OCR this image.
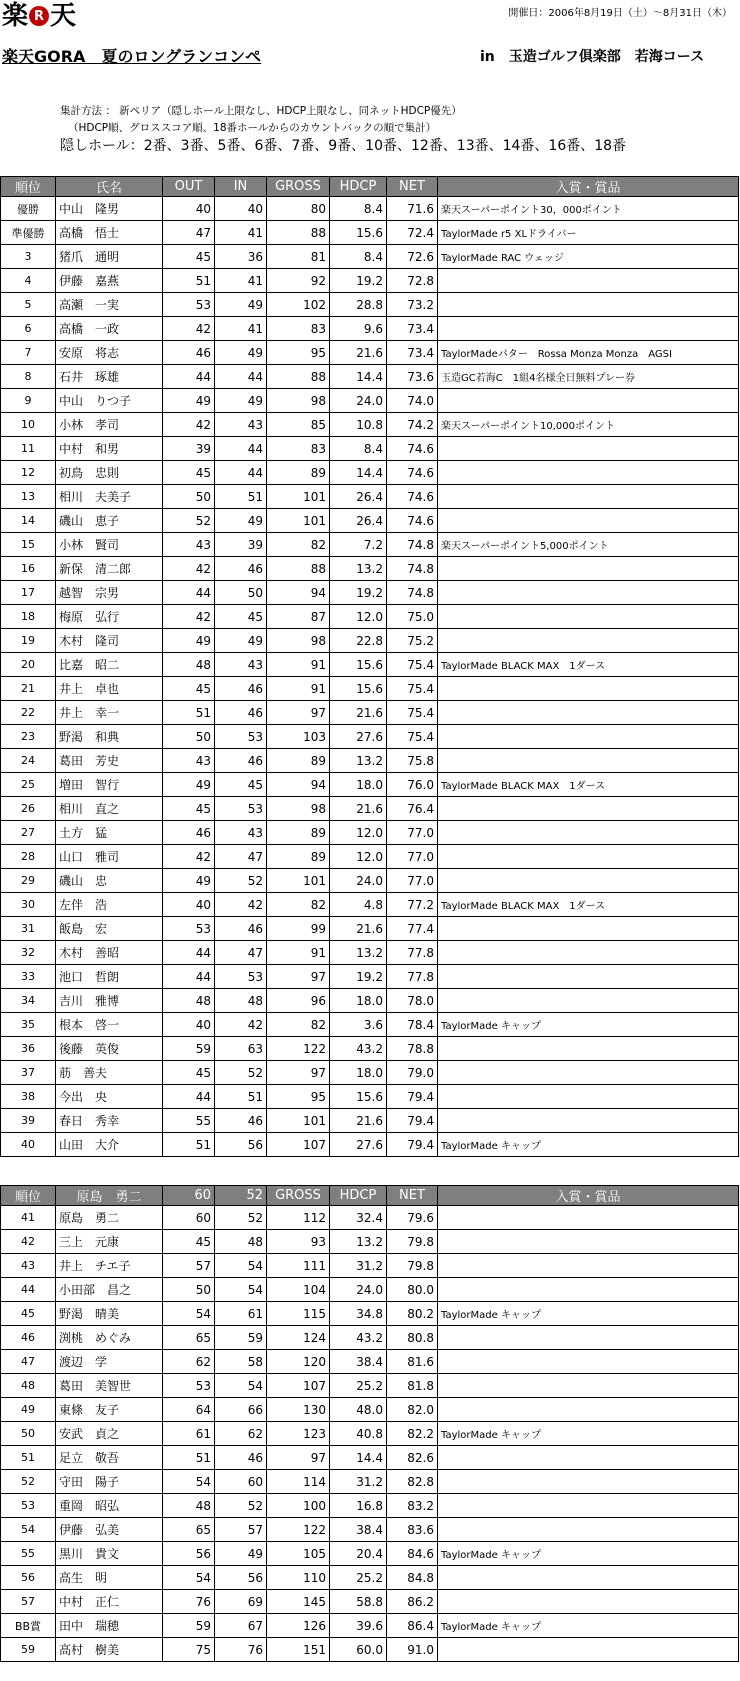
楽 R 天	開催日：2006年8月19日（土）～8月31日（木）
楽天GORA　夏のロングランコンペ	in　玉造ゴルフ倶楽部　若海コース
集計方法 ： 新ペリア（隠しホール上限なし、HDCP上限なし、同ネットHDCP優先）
（HDCP順、グロススコア順、18番ホールからのカウントバックの順で集計）
隠しホール：2番、3番、5番、6番、7番、9番、10番、12番、13番、14番、16番、18番
順位	氏名	OUT	IN	GROSS	HDCP	NET	入賞・賞品
優勝	中山　隆男	40	40	80	8.4	71.6	楽天スーパーポイント30，000ポイント
準優勝	高橋　悟士	47	41	88	15.6	72.4	TaylorMade r5 XLドライバー
3	猪爪　通明	45	36	81	8.4	72.6	TaylorMade RAC ウェッジ
4	伊藤　嘉燕	51	41	92	19.2	72.8	
5	高瀬　一実	53	49	102	28.8	73.2	
6	高橋　一政	42	41	83	9.6	73.4	
7	安原　将志	46	49	95	21.6	73.4	TaylorMadeパター　Rossa Monza Monza　AGSI
8	石井　琢雄	44	44	88	14.4	73.6	玉造GC若海C　1組4名様全日無料プレー券
9	中山　りつ子	49	49	98	24.0	74.0	
10	小林　孝司	42	43	85	10.8	74.2	楽天スーパーポイント10,000ポイント
11	中村　和男	39	44	83	8.4	74.6	
12	初鳥　忠則	45	44	89	14.4	74.6	
13	相川　夫美子	50	51	101	26.4	74.6	
14	磯山　恵子	52	49	101	26.4	74.6	
15	小林　賢司	43	39	82	7.2	74.8	楽天スーパーポイント5,000ポイント
16	新保　清二郎	42	46	88	13.2	74.8	
17	越智　宗男	44	50	94	19.2	74.8	
18	梅原　弘行	42	45	87	12.0	75.0	
19	木村　隆司	49	49	98	22.8	75.2	
20	比嘉　昭二	48	43	91	15.6	75.4	TaylorMade BLACK MAX　1ダース
21	井上　卓也	45	46	91	15.6	75.4	
22	井上　幸一	51	46	97	21.6	75.4	
23	野渇　和典	50	53	103	27.6	75.4	
24	葛田　芳史	43	46	89	13.2	75.8	
25	増田　智行	49	45	94	18.0	76.0	TaylorMade BLACK MAX　1ダース
26	相川　直之	45	53	98	21.6	76.4	
27	土方　猛	46	43	89	12.0	77.0	
28	山口　雅司	42	47	89	12.0	77.0	
29	磯山　忠	49	52	101	24.0	77.0	
30	左伴　浩	40	42	82	4.8	77.2	TaylorMade BLACK MAX　1ダース
31	飯島　宏	53	46	99	21.6	77.4	
32	木村　善昭	44	47	91	13.2	77.8	
33	池口　哲朗	44	53	97	19.2	77.8	
34	吉川　雅博	48	48	96	18.0	78.0	
35	根本　啓一	40	42	82	3.6	78.4	TaylorMade キャップ
36	後藤　英俊	59	63	122	43.2	78.8	
37	荕　善夫	45	52	97	18.0	79.0	
38	今出　央	44	51	95	15.6	79.4	
39	春日　秀幸	55	46	101	21.6	79.4	
40	山田　大介	51	56	107	27.6	79.4	TaylorMade キャップ
順位	原島　勇二	60	52	GROSS	HDCP	NET	入賞・賞品
41	原島　勇二	60	52	112	32.4	79.6	
42	三上　元康	45	48	93	13.2	79.8	
43	井上　チエ子	57	54	111	31.2	79.8	
44	小田部　昌之	50	54	104	24.0	80.0	
45	野渇　晴美	54	61	115	34.8	80.2	TaylorMade キャップ
46	渕桃　めぐみ	65	59	124	43.2	80.8	
47	渡辺　学	62	58	120	38.4	81.6	
48	葛田　美智世	53	54	107	25.2	81.8	
49	東條　友子	64	66	130	48.0	82.0	
50	安武　貞之	61	62	123	40.8	82.2	TaylorMade キャップ
51	足立　敬吾	51	46	97	14.4	82.6	
52	守田　陽子	54	60	114	31.2	82.8	
53	重岡　昭弘	48	52	100	16.8	83.2	
54	伊藤　弘美	65	57	122	38.4	83.6	
55	黒川　貴文	56	49	105	20.4	84.6	TaylorMade キャップ
56	高生　明	54	56	110	25.2	84.8	
57	中村　正仁	76	69	145	58.8	86.2	
BB賞	田中　瑞穂	59	67	126	39.6	86.4	TaylorMade キャップ
59	高村　樹美	75	76	151	60.0	91.0	
